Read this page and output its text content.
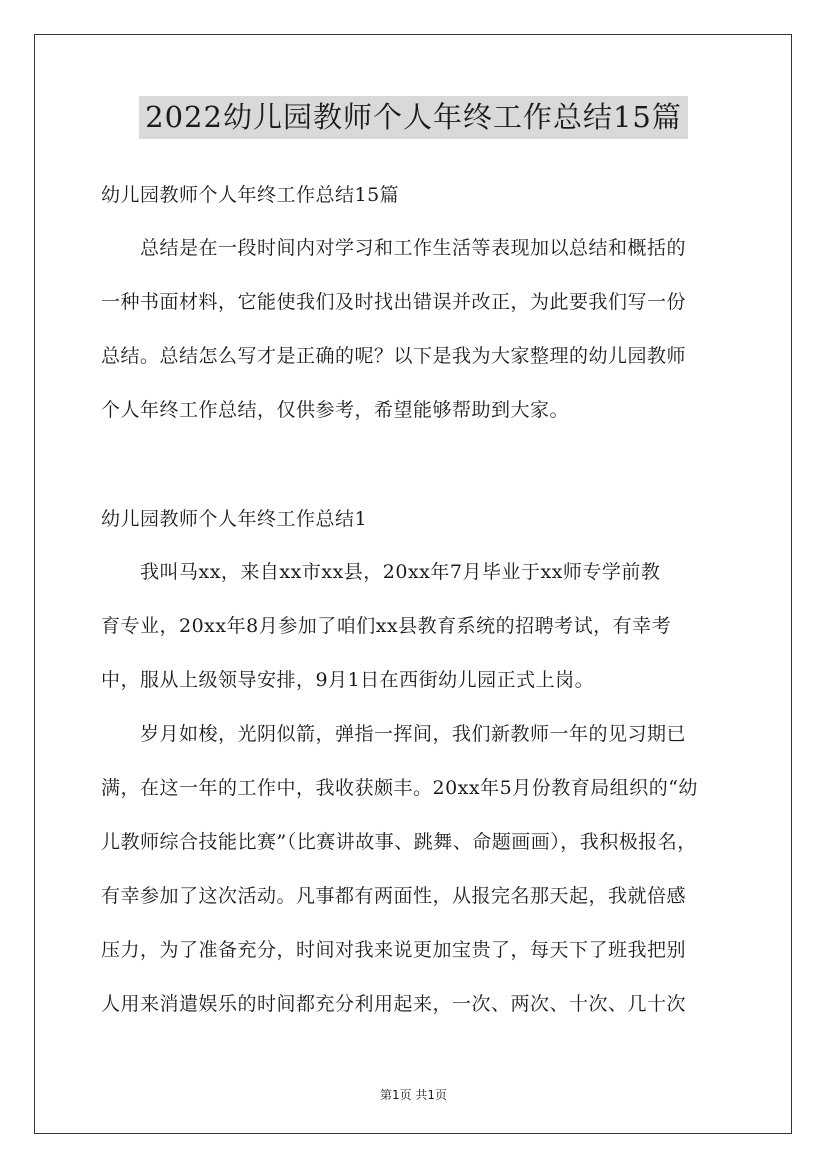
2022幼儿园教师个人年终工作总结15篇
幼儿园教师个人年终工作总结15篇
　　总结是在一段时间内对学习和工作生活等表现加以总结和概括的
一种书面材料，它能使我们及时找出错误并改正，为此要我们写一份
总结。总结怎么写才是正确的呢？以下是我为大家整理的幼儿园教师
个人年终工作总结，仅供参考，希望能够帮助到大家。
幼儿园教师个人年终工作总结1
　　我叫马xx，来自xx市xx县，20xx年7月毕业于xx师专学前教
育专业，20xx年8月参加了咱们xx县教育系统的招聘考试，有幸考
中，服从上级领导安排，9月1日在西街幼儿园正式上岗。
　　岁月如梭，光阴似箭，弹指一挥间，我们新教师一年的见习期已
满，在这一年的工作中，我收获颇丰。20xx年5月份教育局组织的“幼
儿教师综合技能比赛”（比赛讲故事、跳舞、命题画画），我积极报名，
有幸参加了这次活动。凡事都有两面性，从报完名那天起，我就倍感
压力，为了准备充分，时间对我来说更加宝贵了，每天下了班我把别
人用来消遣娱乐的时间都充分利用起来，一次、两次、十次、几十次
第1页 共1页
